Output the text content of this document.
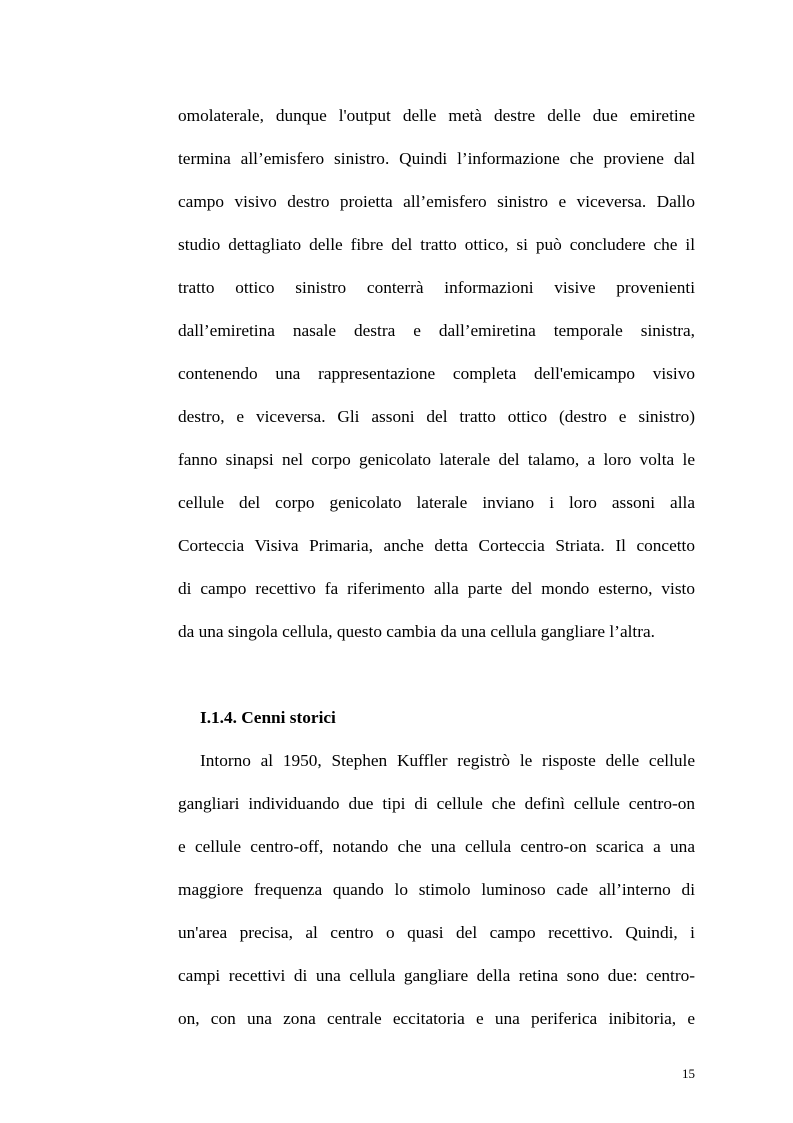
omolaterale, dunque l'output delle metà destre delle due emiretine
termina all’emisfero sinistro. Quindi l’informazione che proviene dal
campo visivo destro proietta all’emisfero sinistro e viceversa. Dallo
studio dettagliato delle fibre del tratto ottico, si può concludere che il
tratto ottico sinistro conterrà informazioni visive provenienti
dall’emiretina nasale destra e dall’emiretina temporale sinistra,
contenendo una rappresentazione completa dell'emicampo visivo
destro, e viceversa. Gli assoni del tratto ottico (destro e sinistro)
fanno sinapsi nel corpo genicolato laterale del talamo, a loro volta le
cellule del corpo genicolato laterale inviano i loro assoni alla
Corteccia Visiva Primaria, anche detta Corteccia Striata. Il concetto
di campo recettivo fa riferimento alla parte del mondo esterno, visto
da una singola cellula, questo cambia da una cellula gangliare l’altra.
I.1.4. Cenni storici
Intorno al 1950, Stephen Kuffler registrò le risposte delle cellule
gangliari individuando due tipi di cellule che definì cellule centro-on
e cellule centro-off, notando che una cellula centro-on scarica a una
maggiore frequenza quando lo stimolo luminoso cade all’interno di
un'area precisa, al centro o quasi del campo recettivo. Quindi, i
campi recettivi di una cellula gangliare della retina sono due: centro-
on, con una zona centrale eccitatoria e una periferica inibitoria, e
15
